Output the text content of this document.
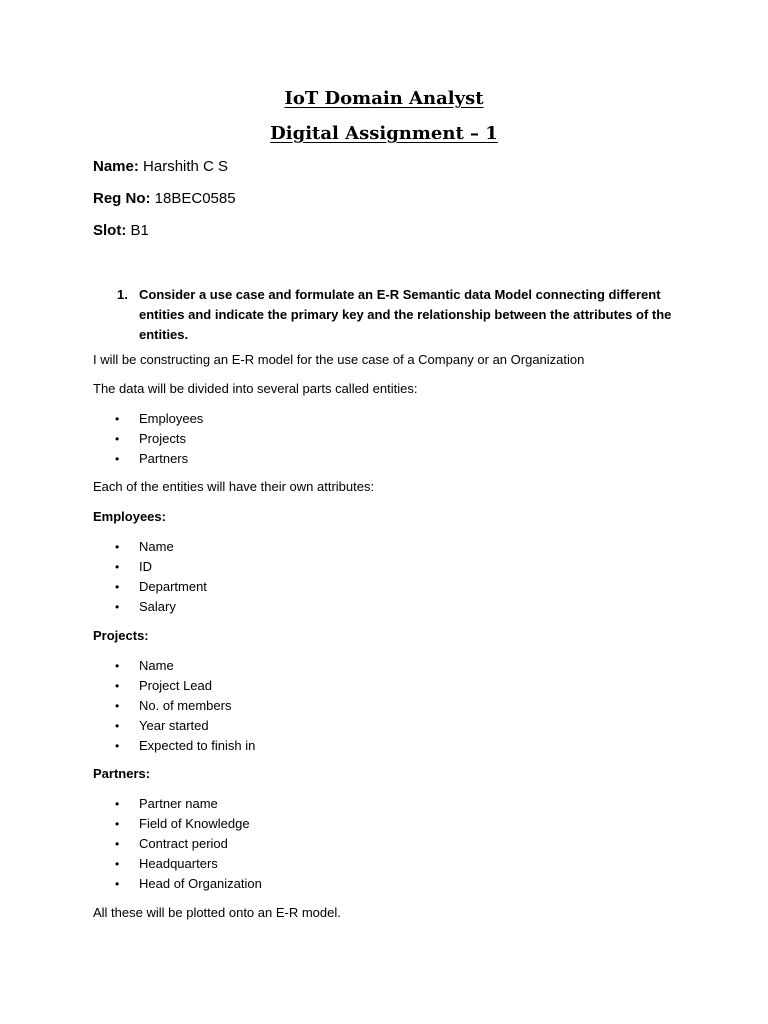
IoT Domain Analyst
Digital Assignment – 1

Name: Harshith C S

Reg No: 18BEC0585

Slot: B1

1. Consider a use case and formulate an E-R Semantic data Model connecting different entities and indicate the primary key and the relationship between the attributes of the entities.

I will be constructing an E-R model for the use case of a Company or an Organization

The data will be divided into several parts called entities:

• Employees
• Projects
• Partners

Each of the entities will have their own attributes:

Employees:

• Name
• ID
• Department
• Salary

Projects:

• Name
• Project Lead
• No. of members
• Year started
• Expected to finish in

Partners:

• Partner name
• Field of Knowledge
• Contract period
• Headquarters
• Head of Organization

All these will be plotted onto an E-R model.
